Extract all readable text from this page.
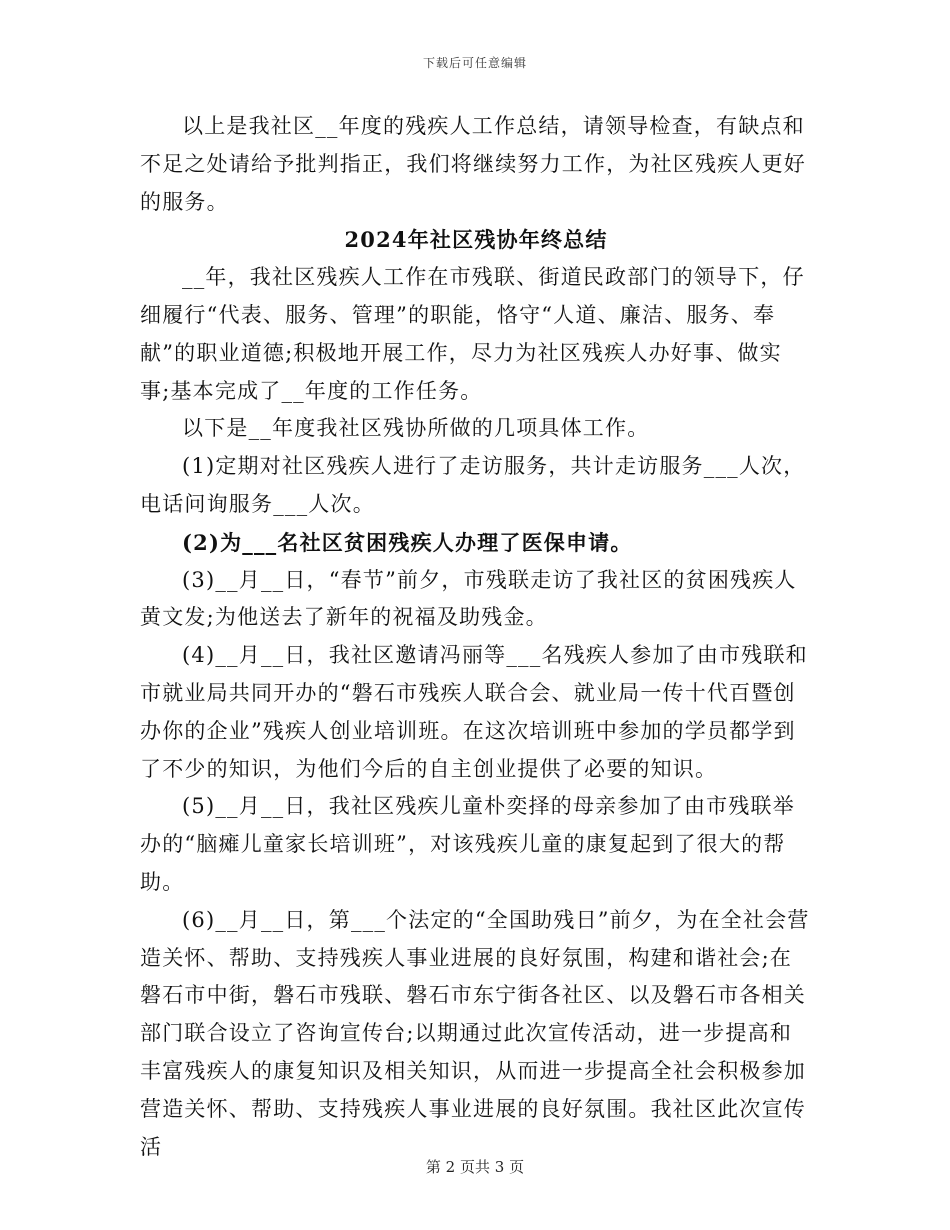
下载后可任意编辑

以上是我社区__年度的残疾人工作总结，请领导检查，有缺点和不足之处请给予批判指正，我们将继续努力工作，为社区残疾人更好的服务。

2024年社区残协年终总结

__年，我社区残疾人工作在市残联、街道民政部门的领导下，仔细履行“代表、服务、管理”的职能，恪守“人道、廉洁、服务、奉献”的职业道德;积极地开展工作，尽力为社区残疾人办好事、做实事;基本完成了__年度的工作任务。

以下是__年度我社区残协所做的几项具体工作。

(1)定期对社区残疾人进行了走访服务，共计走访服务___人次，电话问询服务___人次。

(2)为___名社区贫困残疾人办理了医保申请。

(3)__月__日，“春节”前夕，市残联走访了我社区的贫困残疾人黄文发;为他送去了新年的祝福及助残金。

(4)__月__日，我社区邀请冯丽等___名残疾人参加了由市残联和市就业局共同开办的“磐石市残疾人联合会、就业局一传十代百暨创办你的企业”残疾人创业培训班。在这次培训班中参加的学员都学到了不少的知识，为他们今后的自主创业提供了必要的知识。

(5)__月__日，我社区残疾儿童朴奕择的母亲参加了由市残联举办的“脑瘫儿童家长培训班”，对该残疾儿童的康复起到了很大的帮助。

(6)__月__日，第___个法定的“全国助残日”前夕，为在全社会营造关怀、帮助、支持残疾人事业进展的良好氛围，构建和谐社会;在磐石市中街，磐石市残联、磐石市东宁街各社区、以及磐石市各相关部门联合设立了咨询宣传台;以期通过此次宣传活动，进一步提高和丰富残疾人的康复知识及相关知识，从而进一步提高全社会积极参加营造关怀、帮助、支持残疾人事业进展的良好氛围。我社区此次宣传活

第 2 页共 3 页
